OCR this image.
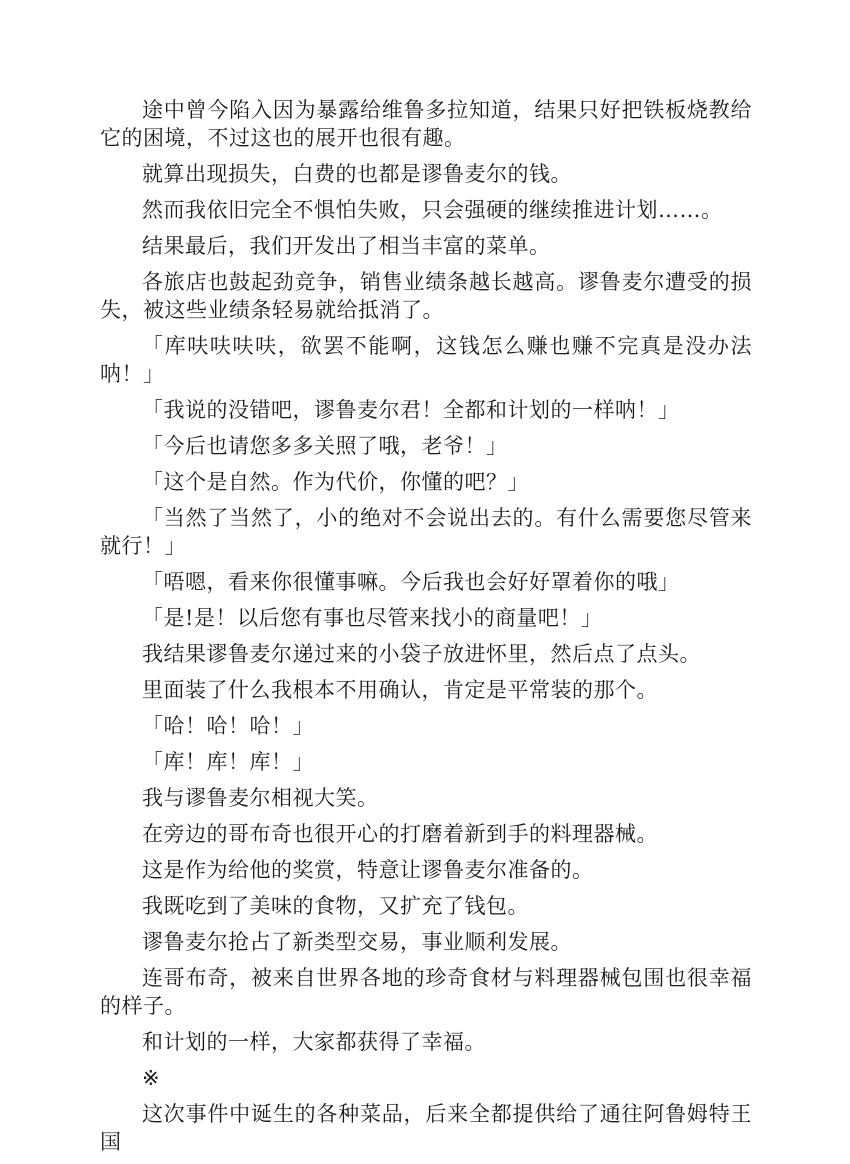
途中曾今陷入因为暴露给维鲁多拉知道，结果只好把铁板烧教给它的困境，不过这也的展开也很有趣。

就算出现损失，白费的也都是谬鲁麦尔的钱。

然而我依旧完全不惧怕失败，只会强硬的继续推进计划……。

结果最后，我们开发出了相当丰富的菜单。

各旅店也鼓起劲竞争，销售业绩条越长越高。谬鲁麦尔遭受的损失，被这些业绩条轻易就给抵消了。

「库呋呋呋呋，欲罢不能啊，这钱怎么赚也赚不完真是没办法呐！」

「我说的没错吧，谬鲁麦尔君！全都和计划的一样呐！」

「今后也请您多多关照了哦，老爷！」

「这个是自然。作为代价，你懂的吧？」

「当然了当然了，小的绝对不会说出去的。有什么需要您尽管来就行！」

「唔嗯，看来你很懂事嘛。今后我也会好好罩着你的哦」

「是!是！以后您有事也尽管来找小的商量吧！」

我结果谬鲁麦尔递过来的小袋子放进怀里，然后点了点头。

里面装了什么我根本不用确认，肯定是平常装的那个。

「哈！哈！哈！」

「库！库！库！」

我与谬鲁麦尔相视大笑。

在旁边的哥布奇也很开心的打磨着新到手的料理器械。

这是作为给他的奖赏，特意让谬鲁麦尔准备的。

我既吃到了美味的食物，又扩充了钱包。

谬鲁麦尔抢占了新类型交易，事业顺利发展。

连哥布奇，被来自世界各地的珍奇食材与料理器械包围也很幸福的样子。

和计划的一样，大家都获得了幸福。

※

这次事件中诞生的各种菜品，后来全都提供给了通往阿鲁姆特王国
